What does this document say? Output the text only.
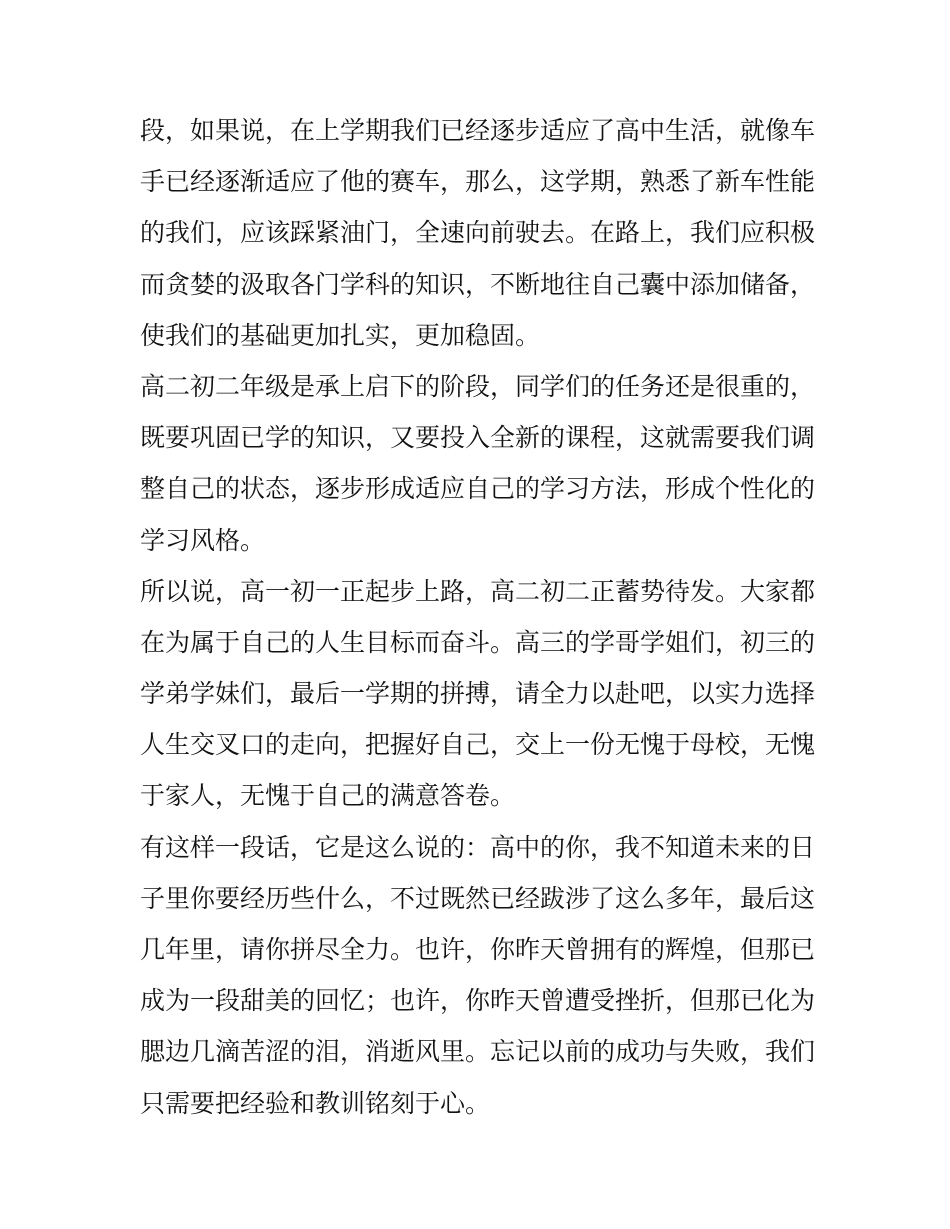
段，如果说，在上学期我们已经逐步适应了高中生活，就像车
手已经逐渐适应了他的赛车，那么，这学期，熟悉了新车性能
的我们，应该踩紧油门，全速向前驶去。在路上，我们应积极
而贪婪的汲取各门学科的知识，不断地往自己囊中添加储备，
使我们的基础更加扎实，更加稳固。
高二初二年级是承上启下的阶段，同学们的任务还是很重的，
既要巩固已学的知识，又要投入全新的课程，这就需要我们调
整自己的状态，逐步形成适应自己的学习方法，形成个性化的
学习风格。
所以说，高一初一正起步上路，高二初二正蓄势待发。大家都
在为属于自己的人生目标而奋斗。高三的学哥学姐们，初三的
学弟学妹们，最后一学期的拼搏，请全力以赴吧，以实力选择
人生交叉口的走向，把握好自己，交上一份无愧于母校，无愧
于家人，无愧于自己的满意答卷。
有这样一段话，它是这么说的：高中的你，我不知道未来的日
子里你要经历些什么，不过既然已经跋涉了这么多年，最后这
几年里，请你拼尽全力。也许，你昨天曾拥有的辉煌，但那已
成为一段甜美的回忆；也许，你昨天曾遭受挫折，但那已化为
腮边几滴苦涩的泪，消逝风里。忘记以前的成功与失败，我们
只需要把经验和教训铭刻于心。
